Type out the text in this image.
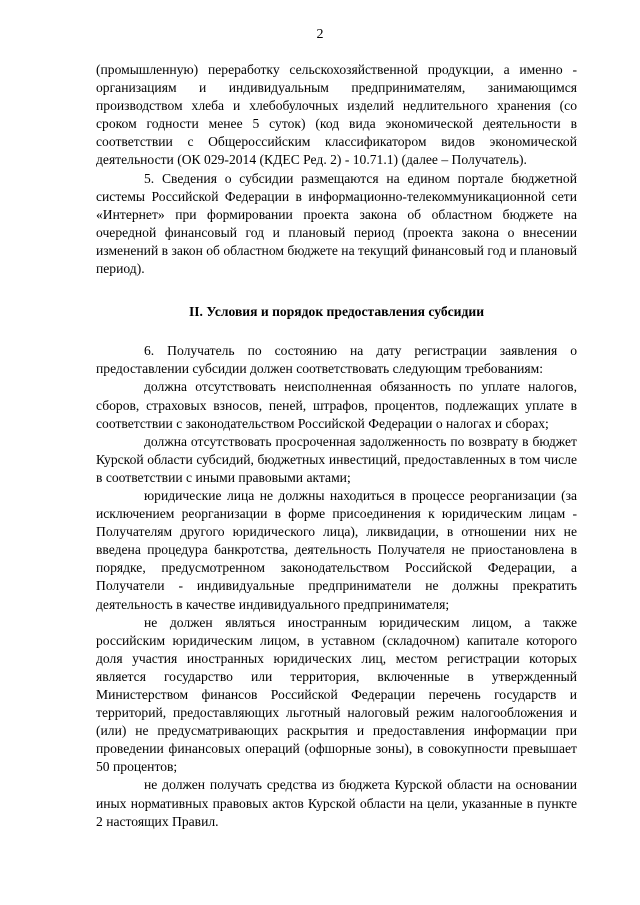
2

(промышленную) переработку сельскохозяйственной продукции, а именно - организациям и индивидуальным предпринимателям, занимающимся производством хлеба и хлебобулочных изделий недлительного хранения (со сроком годности менее 5 суток) (код вида экономической деятельности в соответствии с Общероссийским классификатором видов экономической деятельности (ОК 029-2014 (КДЕС Ред. 2) - 10.71.1) (далее – Получатель).

5. Сведения о субсидии размещаются на едином портале бюджетной системы Российской Федерации в информационно-телекоммуникационной сети «Интернет» при формировании проекта закона об областном бюджете на очередной финансовый год и плановый период (проекта закона о внесении изменений в закон об областном бюджете на текущий финансовый год и плановый период).

II. Условия и порядок предоставления субсидии

6. Получатель по состоянию на дату регистрации заявления о предоставлении субсидии должен соответствовать следующим требованиям:

должна отсутствовать неисполненная обязанность по уплате налогов, сборов, страховых взносов, пеней, штрафов, процентов, подлежащих уплате в соответствии с законодательством Российской Федерации о налогах и сборах;

должна отсутствовать просроченная задолженность по возврату в бюджет Курской области субсидий, бюджетных инвестиций, предоставленных в том числе в соответствии с иными правовыми актами;

юридические лица не должны находиться в процессе реорганизации (за исключением реорганизации в форме присоединения к юридическим лицам - Получателям другого юридического лица), ликвидации, в отношении них не введена процедура банкротства, деятельность Получателя не приостановлена в порядке, предусмотренном законодательством Российской Федерации, а Получатели - индивидуальные предприниматели не должны прекратить деятельность в качестве индивидуального предпринимателя;

не должен являться иностранным юридическим лицом, а также российским юридическим лицом, в уставном (складочном) капитале которого доля участия иностранных юридических лиц, местом регистрации которых является государство или территория, включенные в утвержденный Министерством финансов Российской Федерации перечень государств и территорий, предоставляющих льготный налоговый режим налогообложения и (или) не предусматривающих раскрытия и предоставления информации при проведении финансовых операций (офшорные зоны), в совокупности превышает 50 процентов;

не должен получать средства из бюджета Курской области на основании иных нормативных правовых актов Курской области на цели, указанные в пункте 2 настоящих Правил.
